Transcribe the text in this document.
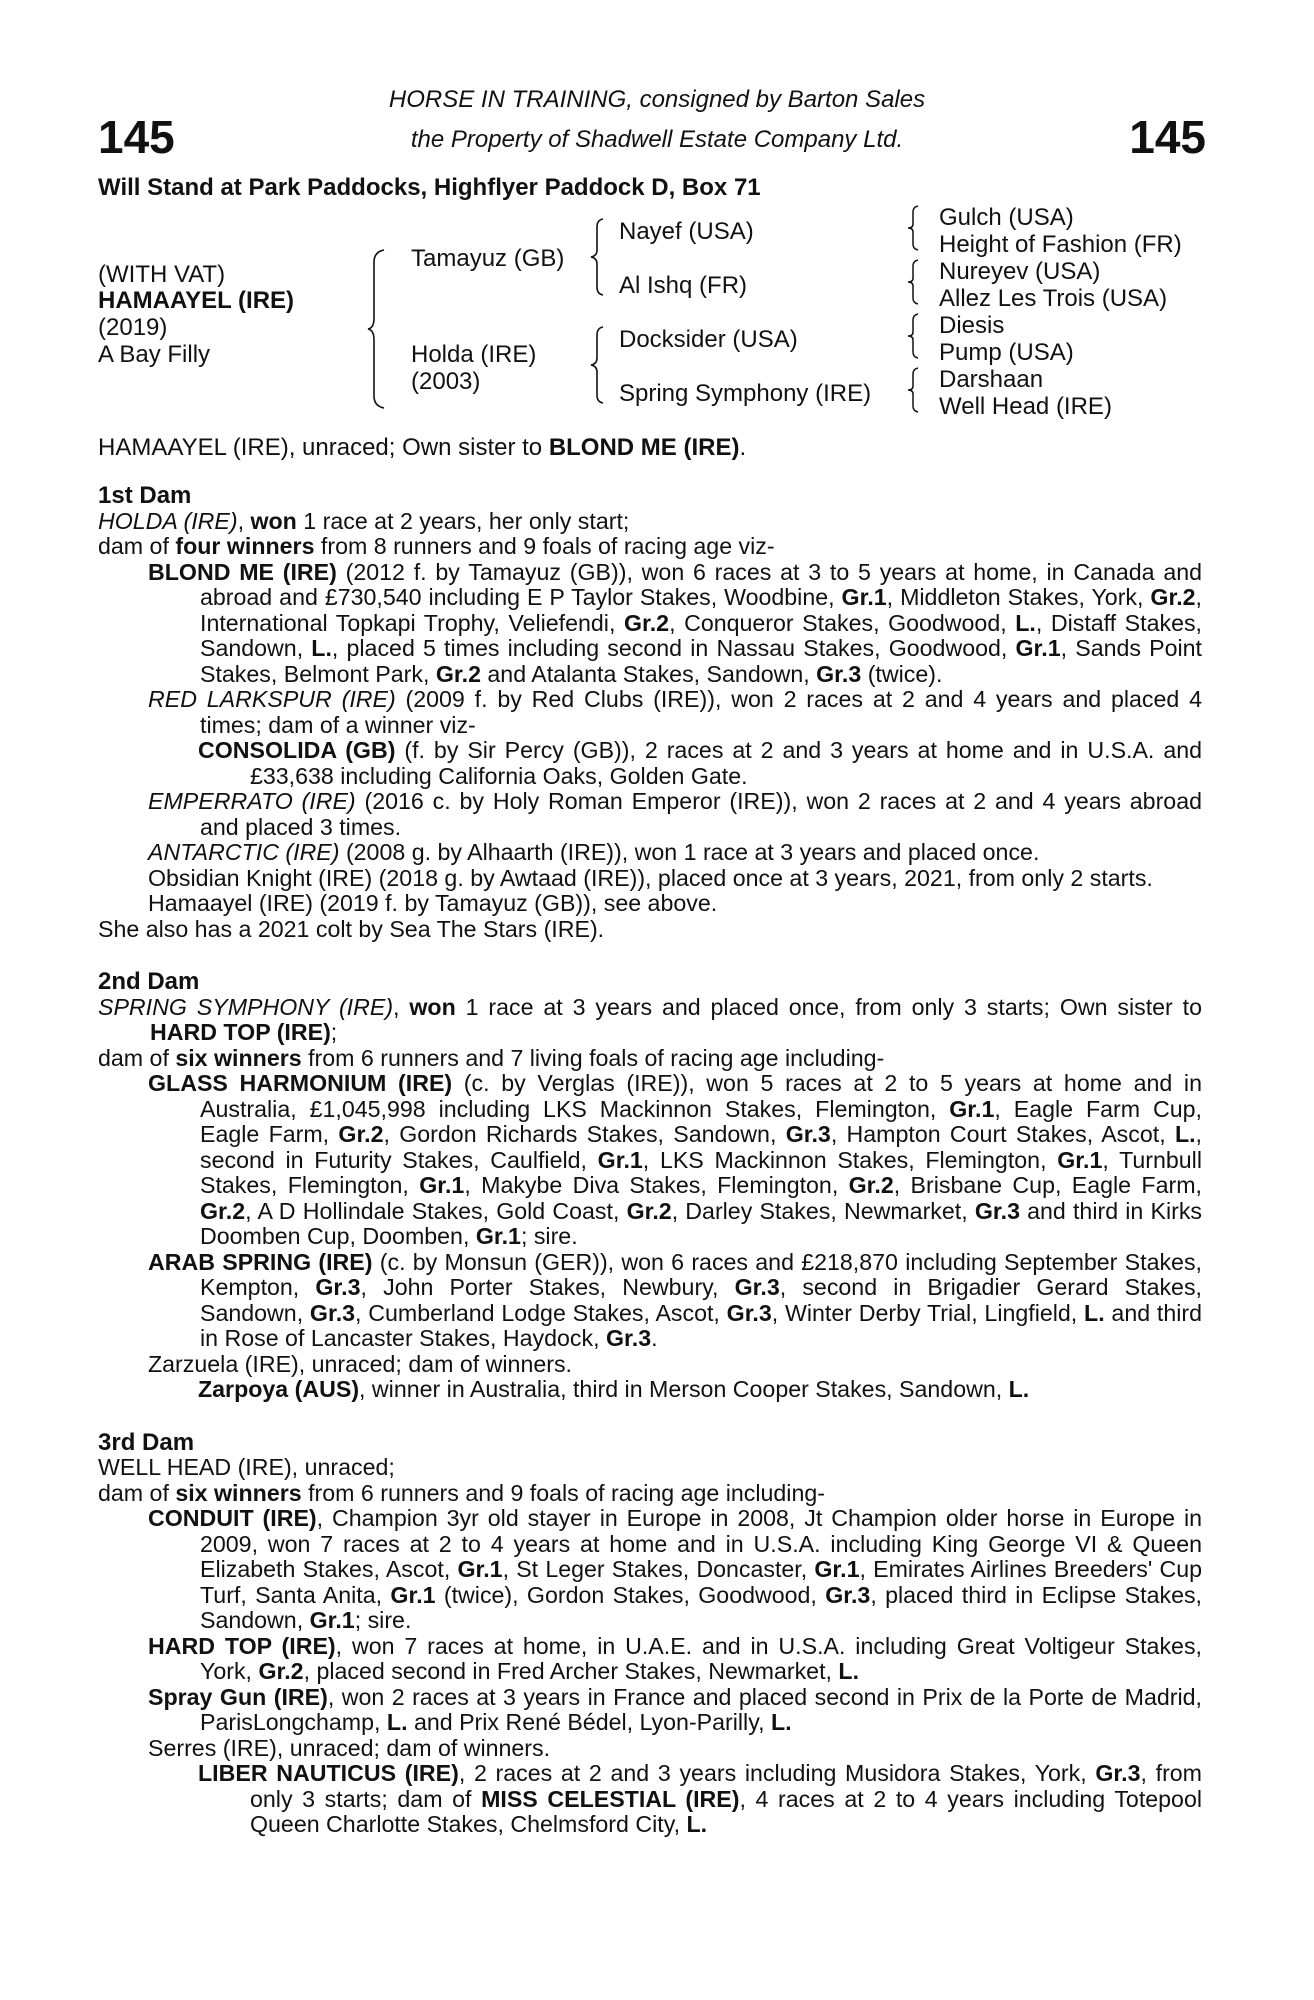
145	145
HORSE IN TRAINING, consigned by Barton Sales
the Property of Shadwell Estate Company Ltd.
Will Stand at Park Paddocks, Highflyer Paddock D, Box 71
(WITH VAT)
HAMAAYEL (IRE)
(2019)
A Bay Filly
Tamayuz (GB)
Holda (IRE)
(2003)
Nayef (USA)
Al Ishq (FR)
Docksider (USA)
Spring Symphony (IRE)
Gulch (USA)
Height of Fashion (FR)
Nureyev (USA)
Allez Les Trois (USA)
Diesis
Pump (USA)
Darshaan
Well Head (IRE)
HAMAAYEL (IRE), unraced; Own sister to BLOND ME (IRE).

1st Dam

HOLDA (IRE), won 1 race at 2 years, her only start;

dam of four winners from 8 runners and 9 foals of racing age viz-

BLOND ME (IRE) (2012 f. by Tamayuz (GB)), won 6 races at 3 to 5 years at home, in Canada and abroad and £730,540 including E P Taylor Stakes, Woodbine, Gr.1, Middleton Stakes, York, Gr.2, International Topkapi Trophy, Veliefendi, Gr.2, Conqueror Stakes, Goodwood, L., Distaff Stakes, Sandown, L., placed 5 times including second in Nassau Stakes, Goodwood, Gr.1, Sands Point Stakes, Belmont Park, Gr.2 and Atalanta Stakes, Sandown, Gr.3 (twice).

RED LARKSPUR (IRE) (2009 f. by Red Clubs (IRE)), won 2 races at 2 and 4 years and placed 4 times; dam of a winner viz-

CONSOLIDA (GB) (f. by Sir Percy (GB)), 2 races at 2 and 3 years at home and in U.S.A. and £33,638 including California Oaks, Golden Gate.

EMPERRATO (IRE) (2016 c. by Holy Roman Emperor (IRE)), won 2 races at 2 and 4 years abroad and placed 3 times.

ANTARCTIC (IRE) (2008 g. by Alhaarth (IRE)), won 1 race at 3 years and placed once.

Obsidian Knight (IRE) (2018 g. by Awtaad (IRE)), placed once at 3 years, 2021, from only 2 starts.

Hamaayel (IRE) (2019 f. by Tamayuz (GB)), see above.

She also has a 2021 colt by Sea The Stars (IRE).

2nd Dam

SPRING SYMPHONY (IRE), won 1 race at 3 years and placed once, from only 3 starts; Own sister to HARD TOP (IRE);

dam of six winners from 6 runners and 7 living foals of racing age including-

GLASS HARMONIUM (IRE) (c. by Verglas (IRE)), won 5 races at 2 to 5 years at home and in Australia, £1,045,998 including LKS Mackinnon Stakes, Flemington, Gr.1, Eagle Farm Cup, Eagle Farm, Gr.2, Gordon Richards Stakes, Sandown, Gr.3, Hampton Court Stakes, Ascot, L., second in Futurity Stakes, Caulfield, Gr.1, LKS Mackinnon Stakes, Flemington, Gr.1, Turnbull Stakes, Flemington, Gr.1, Makybe Diva Stakes, Flemington, Gr.2, Brisbane Cup, Eagle Farm, Gr.2, A D Hollindale Stakes, Gold Coast, Gr.2, Darley Stakes, Newmarket, Gr.3 and third in Kirks Doomben Cup, Doomben, Gr.1; sire.

ARAB SPRING (IRE) (c. by Monsun (GER)), won 6 races and £218,870 including September Stakes, Kempton, Gr.3, John Porter Stakes, Newbury, Gr.3, second in Brigadier Gerard Stakes, Sandown, Gr.3, Cumberland Lodge Stakes, Ascot, Gr.3, Winter Derby Trial, Lingfield, L. and third in Rose of Lancaster Stakes, Haydock, Gr.3.

Zarzuela (IRE), unraced; dam of winners.

Zarpoya (AUS), winner in Australia, third in Merson Cooper Stakes, Sandown, L.

3rd Dam

WELL HEAD (IRE), unraced;

dam of six winners from 6 runners and 9 foals of racing age including-

CONDUIT (IRE), Champion 3yr old stayer in Europe in 2008, Jt Champion older horse in Europe in 2009, won 7 races at 2 to 4 years at home and in U.S.A. including King George VI & Queen Elizabeth Stakes, Ascot, Gr.1, St Leger Stakes, Doncaster, Gr.1, Emirates Airlines Breeders' Cup Turf, Santa Anita, Gr.1 (twice), Gordon Stakes, Goodwood, Gr.3, placed third in Eclipse Stakes, Sandown, Gr.1; sire.

HARD TOP (IRE), won 7 races at home, in U.A.E. and in U.S.A. including Great Voltigeur Stakes, York, Gr.2, placed second in Fred Archer Stakes, Newmarket, L.

Spray Gun (IRE), won 2 races at 3 years in France and placed second in Prix de la Porte de Madrid, ParisLongchamp, L. and Prix René Bédel, Lyon-Parilly, L.

Serres (IRE), unraced; dam of winners.

LIBER NAUTICUS (IRE), 2 races at 2 and 3 years including Musidora Stakes, York, Gr.3, from only 3 starts; dam of MISS CELESTIAL (IRE), 4 races at 2 to 4 years including Totepool Queen Charlotte Stakes, Chelmsford City, L.
